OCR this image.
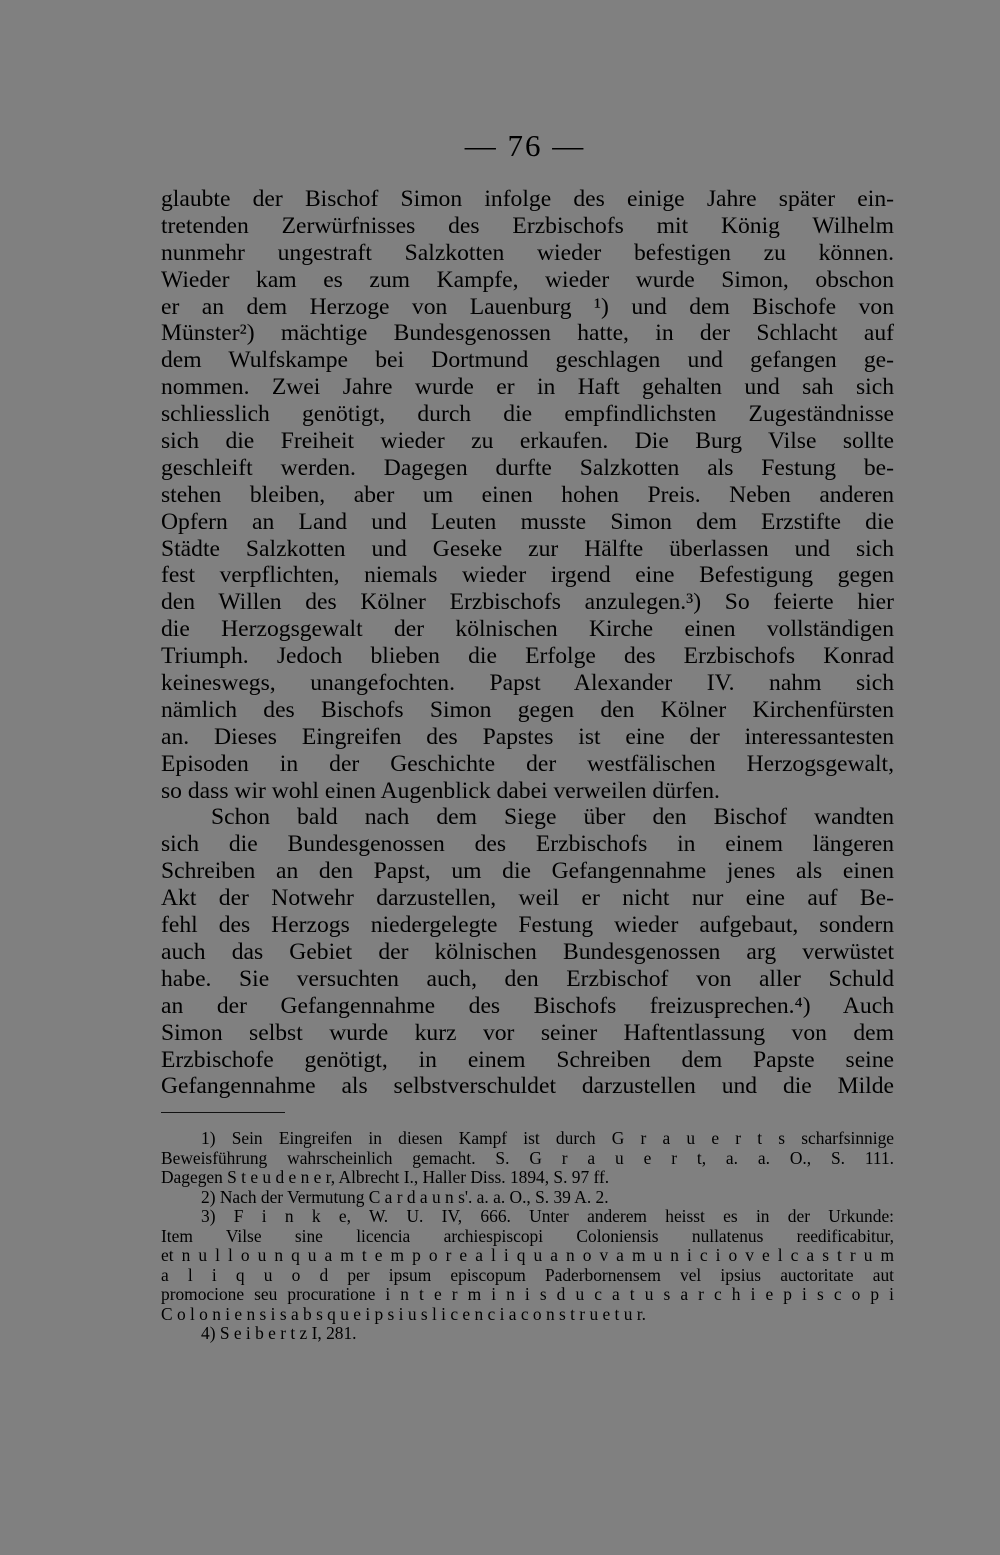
— 76 —
glaubte der Bischof Simon infolge des einige Jahre später ein-
tretenden Zerwürfnisses des Erzbischofs mit König Wilhelm
nunmehr ungestraft Salzkotten wieder befestigen zu können.
Wieder kam es zum Kampfe, wieder wurde Simon, obschon
er an dem Herzoge von Lauenburg ¹) und dem Bischofe von
Münster²) mächtige Bundesgenossen hatte, in der Schlacht auf
dem Wulfskampe bei Dortmund geschlagen und gefangen ge-
nommen. Zwei Jahre wurde er in Haft gehalten und sah sich
schliesslich genötigt, durch die empfindlichsten Zugeständnisse
sich die Freiheit wieder zu erkaufen. Die Burg Vilse sollte
geschleift werden. Dagegen durfte Salzkotten als Festung be-
stehen bleiben, aber um einen hohen Preis. Neben anderen
Opfern an Land und Leuten musste Simon dem Erzstifte die
Städte Salzkotten und Geseke zur Hälfte überlassen und sich
fest verpflichten, niemals wieder irgend eine Befestigung gegen
den Willen des Kölner Erzbischofs anzulegen.³) So feierte hier
die Herzogsgewalt der kölnischen Kirche einen vollständigen
Triumph. Jedoch blieben die Erfolge des Erzbischofs Konrad
keineswegs, unangefochten. Papst Alexander IV. nahm sich
nämlich des Bischofs Simon gegen den Kölner Kirchenfürsten
an. Dieses Eingreifen des Papstes ist eine der interessantesten
Episoden in der Geschichte der westfälischen Herzogsgewalt,
so dass wir wohl einen Augenblick dabei verweilen dürfen.
Schon bald nach dem Siege über den Bischof wandten
sich die Bundesgenossen des Erzbischofs in einem längeren
Schreiben an den Papst, um die Gefangennahme jenes als einen
Akt der Notwehr darzustellen, weil er nicht nur eine auf Be-
fehl des Herzogs niedergelegte Festung wieder aufgebaut, sondern
auch das Gebiet der kölnischen Bundesgenossen arg verwüstet
habe. Sie versuchten auch, den Erzbischof von aller Schuld
an der Gefangennahme des Bischofs freizusprechen.⁴) Auch
Simon selbst wurde kurz vor seiner Haftentlassung von dem
Erzbischofe genötigt, in einem Schreiben dem Papste seine
Gefangennahme als selbstverschuldet darzustellen und die Milde
1) Sein Eingreifen in diesen Kampf ist durch G r a u e r t s scharfsinnige
Beweisführung wahrscheinlich gemacht. S. G r a u e r t, a. a. O., S. 111.
Dagegen S t e u d e n e r, Albrecht I., Haller Diss. 1894, S. 97 ff.
2) Nach der Vermutung C a r d a u n s'. a. a. O., S. 39 A. 2.
3) F i n k e, W. U. IV, 666. Unter anderem heisst es in der Urkunde:
Item Vilse sine licencia archiespiscopi Coloniensis nullatenus reedificabitur,
et n u l l o u n q u a m t e m p o r e a l i q u a n o v a m u n i c i o v e l c a s t r u m
a l i q u o d per ipsum episcopum Paderbornensem vel ipsius auctoritate aut
promocione seu procuratione i n t e r m i n i s d u c a t u s a r c h i e p i s c o p i
C o l o n i e n s i s a b s q u e i p s i u s l i c e n c i a c o n s t r u e t u r.
4) S e i b e r t z I, 281.
